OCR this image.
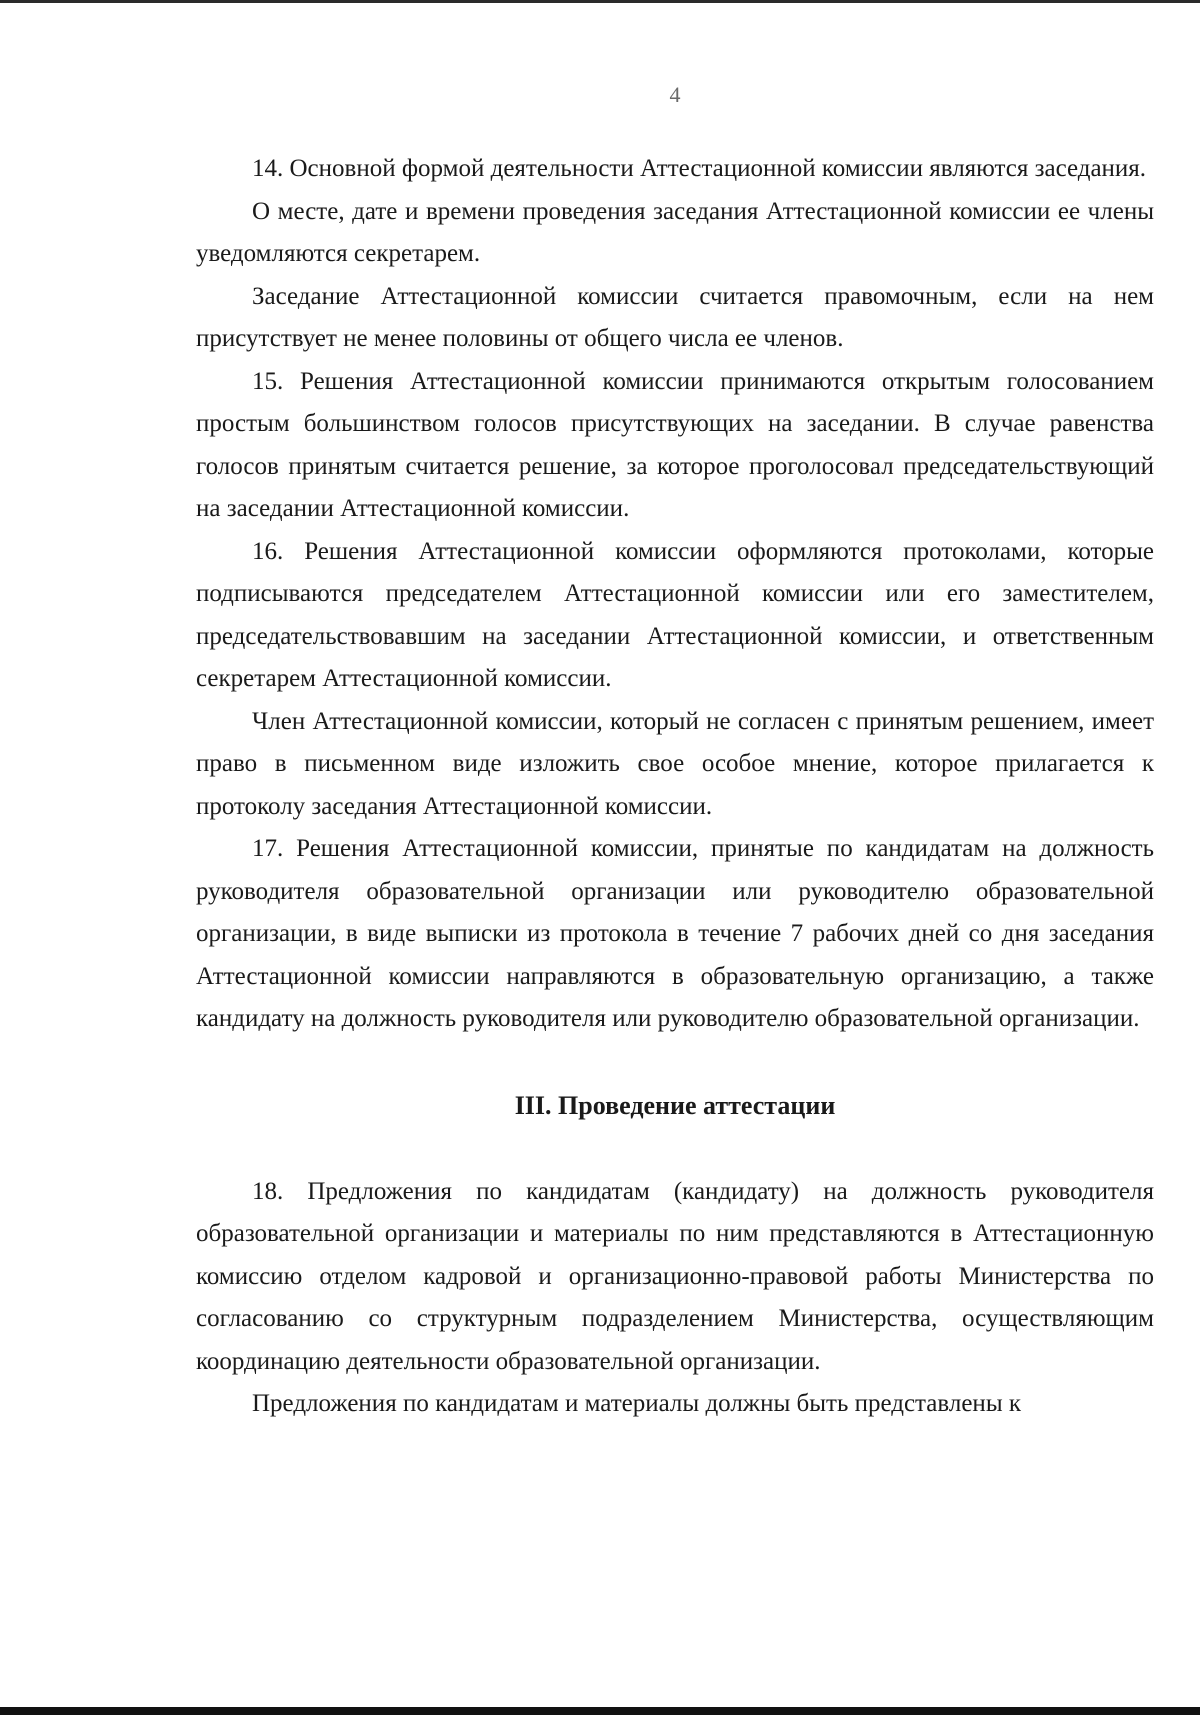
4

14. Основной формой деятельности Аттестационной комиссии являются заседания.

О месте, дате и времени проведения заседания Аттестационной комиссии ее члены уведомляются секретарем.

Заседание Аттестационной комиссии считается правомочным, если на нем присутствует не менее половины от общего числа ее членов.

15. Решения Аттестационной комиссии принимаются открытым голосованием простым большинством голосов присутствующих на заседании. В случае равенства голосов принятым считается решение, за которое проголосовал председательствующий на заседании Аттестационной комиссии.

16. Решения Аттестационной комиссии оформляются протоколами, которые подписываются председателем Аттестационной комиссии или его заместителем, председательствовавшим на заседании Аттестационной комиссии, и ответственным секретарем Аттестационной комиссии.

Член Аттестационной комиссии, который не согласен с принятым решением, имеет право в письменном виде изложить свое особое мнение, которое прилагается к протоколу заседания Аттестационной комиссии.

17. Решения Аттестационной комиссии, принятые по кандидатам на должность руководителя образовательной организации или руководителю образовательной организации, в виде выписки из протокола в течение 7 рабочих дней со дня заседания Аттестационной комиссии направляются в образовательную организацию, а также кандидату на должность руководителя или руководителю образовательной организации.

III. Проведение аттестации

18. Предложения по кандидатам (кандидату) на должность руководителя образовательной организации и материалы по ним представляются в Аттестационную комиссию отделом кадровой и организационно-правовой работы Министерства по согласованию со структурным подразделением Министерства, осуществляющим координацию деятельности образовательной организации.

Предложения по кандидатам и материалы должны быть представлены к
